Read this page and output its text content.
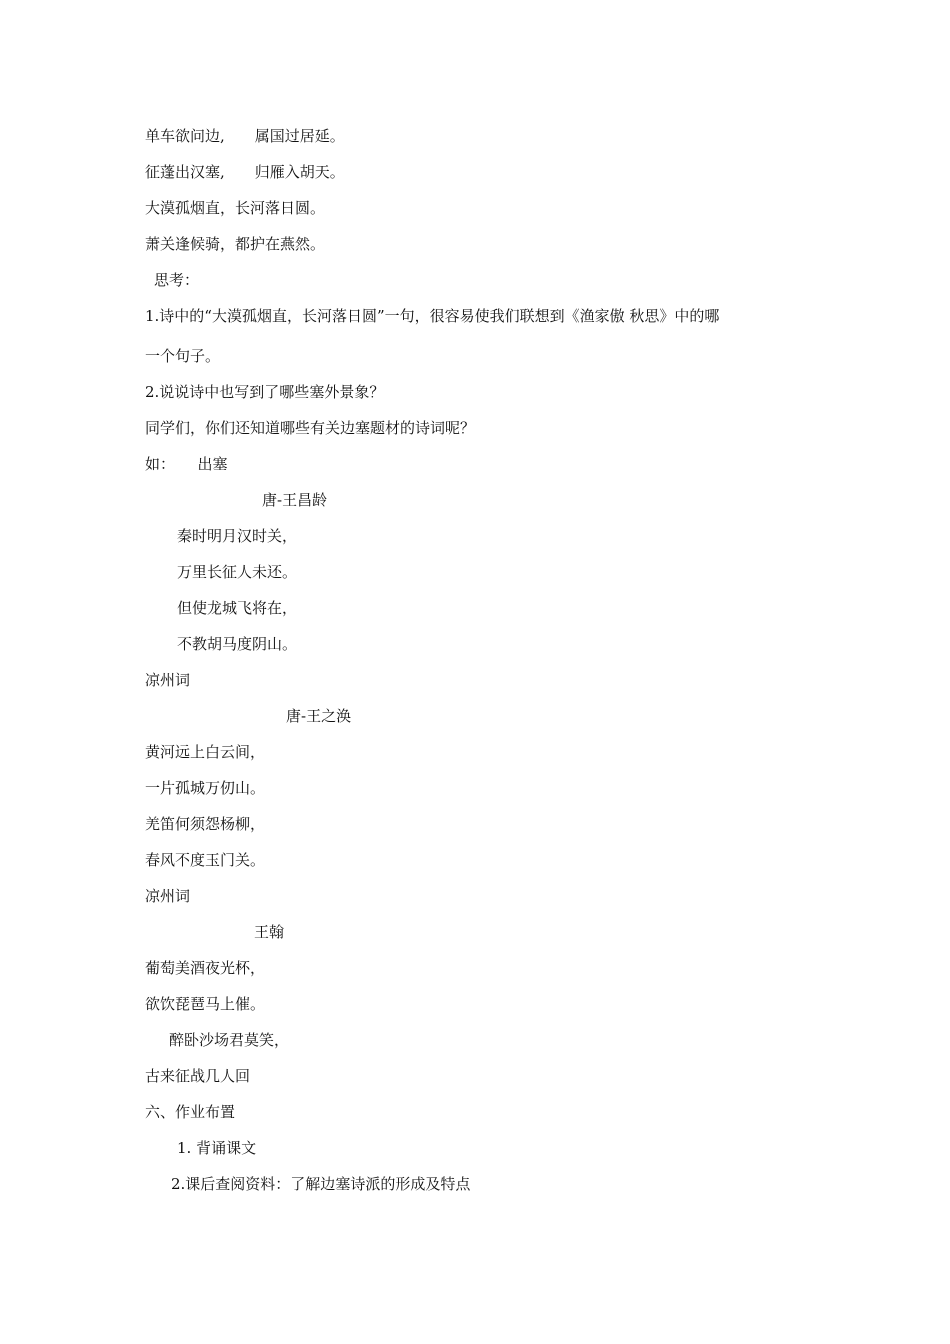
单车欲问边,　　属国过居延。
征蓬出汉塞,　　归雁入胡天。
大漠孤烟直，长河落日圆。
萧关逢候骑，都护在燕然。
思考：
1.诗中的“大漠孤烟直，长河落日圆”一句，很容易使我们联想到《渔家傲 秋思》中的哪
一个句子。
2.说说诗中也写到了哪些塞外景象？
同学们，你们还知道哪些有关边塞题材的诗词呢？
如：　　出塞
唐-王昌龄
秦时明月汉时关，
万里长征人未还。
但使龙城飞将在，
不教胡马度阴山。
凉州词
唐-王之涣
黄河远上白云间，
一片孤城万仞山。
羌笛何须怨杨柳，
春风不度玉门关。
凉州词
王翰
葡萄美酒夜光杯，
欲饮琵琶马上催。
醉卧沙场君莫笑，
古来征战几人回
六、作业布置
1. 背诵课文
2.课后查阅资料：了解边塞诗派的形成及特点
